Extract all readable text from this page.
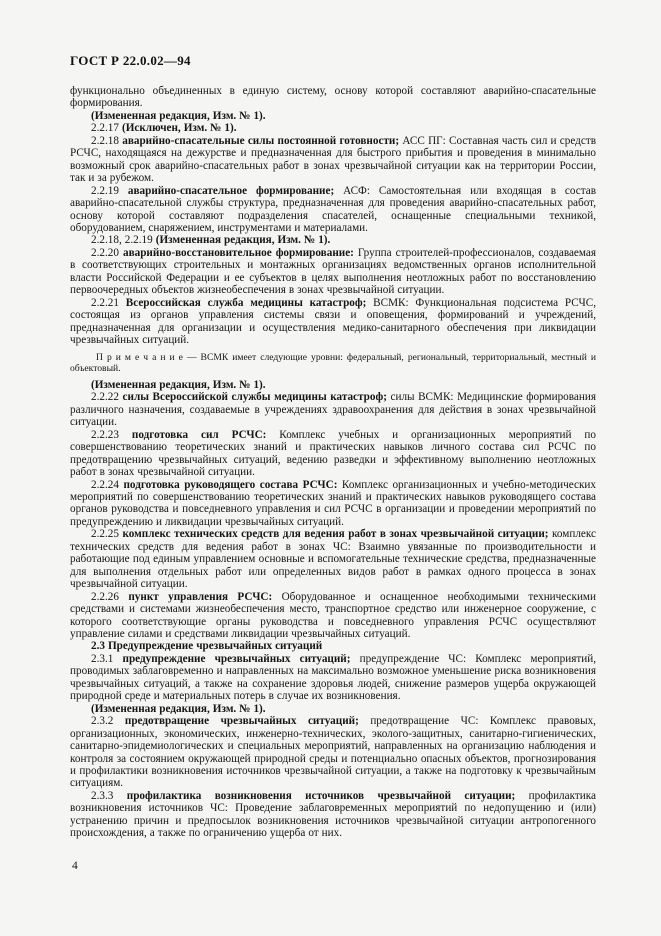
ГОСТ Р 22.0.02—94

функционально объединенных в единую систему, основу которой составляют аварийно-спасательные формирования.

(Измененная редакция, Изм. № 1).

2.2.17 (Исключен, Изм. № 1).

2.2.18 аварийно-спасательные силы постоянной готовности; АСС ПГ: Составная часть сил и средств РСЧС, находящаяся на дежурстве и предназначенная для быстрого прибытия и проведения в минимально возможный срок аварийно-спасательных работ в зонах чрезвычайной ситуации как на территории России, так и за рубежом.

2.2.19 аварийно-спасательное формирование; АСФ: Самостоятельная или входящая в состав аварийно-спасательной службы структура, предназначенная для проведения аварийно-спасательных работ, основу которой составляют подразделения спасателей, оснащенные специальными техникой, оборудованием, снаряжением, инструментами и материалами.

2.2.18, 2.2.19 (Измененная редакция, Изм. № 1).

2.2.20 аварийно-восстановительное формирование: Группа строителей-профессионалов, создаваемая в соответствующих строительных и монтажных организациях ведомственных органов исполнительной власти Российской Федерации и ее субъектов в целях выполнения неотложных работ по восстановлению первоочередных объектов жизнеобеспечения в зонах чрезвычайной ситуации.

2.2.21 Всероссийская служба медицины катастроф; ВСМК: Функциональная подсистема РСЧС, состоящая из органов управления системы связи и оповещения, формирований и учреждений, предназначенная для организации и осуществления медико-санитарного обеспечения при ликвидации чрезвычайных ситуаций.

П р и м е ч а н и е — ВСМК имеет следующие уровни: федеральный, региональный, территориальный, местный и объектовый.

(Измененная редакция, Изм. № 1).

2.2.22 силы Всероссийской службы медицины катастроф; силы ВСМК: Медицинские формирования различного назначения, создаваемые в учреждениях здравоохранения для действия в зонах чрезвычайной ситуации.

2.2.23 подготовка сил РСЧС: Комплекс учебных и организационных мероприятий по совершенствованию теоретических знаний и практических навыков личного состава сил РСЧС по предотвращению чрезвычайных ситуаций, ведению разведки и эффективному выполнению неотложных работ в зонах чрезвычайной ситуации.

2.2.24 подготовка руководящего состава РСЧС: Комплекс организационных и учебно-методических мероприятий по совершенствованию теоретических знаний и практических навыков руководящего состава органов руководства и повседневного управления и сил РСЧС в организации и проведении мероприятий по предупреждению и ликвидации чрезвычайных ситуаций.

2.2.25 комплекс технических средств для ведения работ в зонах чрезвычайной ситуации; комплекс технических средств для ведения работ в зонах ЧС: Взаимно увязанные по производительности и работающие под единым управлением основные и вспомогательные технические средства, предназначенные для выполнения отдельных работ или определенных видов работ в рамках одного процесса в зонах чрезвычайной ситуации.

2.2.26 пункт управления РСЧС: Оборудованное и оснащенное необходимыми техническими средствами и системами жизнеобеспечения место, транспортное средство или инженерное сооружение, с которого соответствующие органы руководства и повседневного управления РСЧС осуществляют управление силами и средствами ликвидации чрезвычайных ситуаций.

2.3 Предупреждение чрезвычайных ситуаций

2.3.1 предупреждение чрезвычайных ситуаций; предупреждение ЧС: Комплекс мероприятий, проводимых заблаговременно и направленных на максимально возможное уменьшение риска возникновения чрезвычайных ситуаций, а также на сохранение здоровья людей, снижение размеров ущерба окружающей природной среде и материальных потерь в случае их возникновения.

(Измененная редакция, Изм. № 1).

2.3.2 предотвращение чрезвычайных ситуаций; предотвращение ЧС: Комплекс правовых, организационных, экономических, инженерно-технических, эколого-защитных, санитарно-гигиенических, санитарно-эпидемиологических и специальных мероприятий, направленных на организацию наблюдения и контроля за состоянием окружающей природной среды и потенциально опасных объектов, прогнозирования и профилактики возникновения источников чрезвычайной ситуации, а также на подготовку к чрезвычайным ситуациям.

2.3.3 профилактика возникновения источников чрезвычайной ситуации; профилактика возникновения источников ЧС: Проведение заблаговременных мероприятий по недопущению и (или) устранению причин и предпосылок возникновения источников чрезвычайной ситуации антропогенного происхождения, а также по ограничению ущерба от них.

4
